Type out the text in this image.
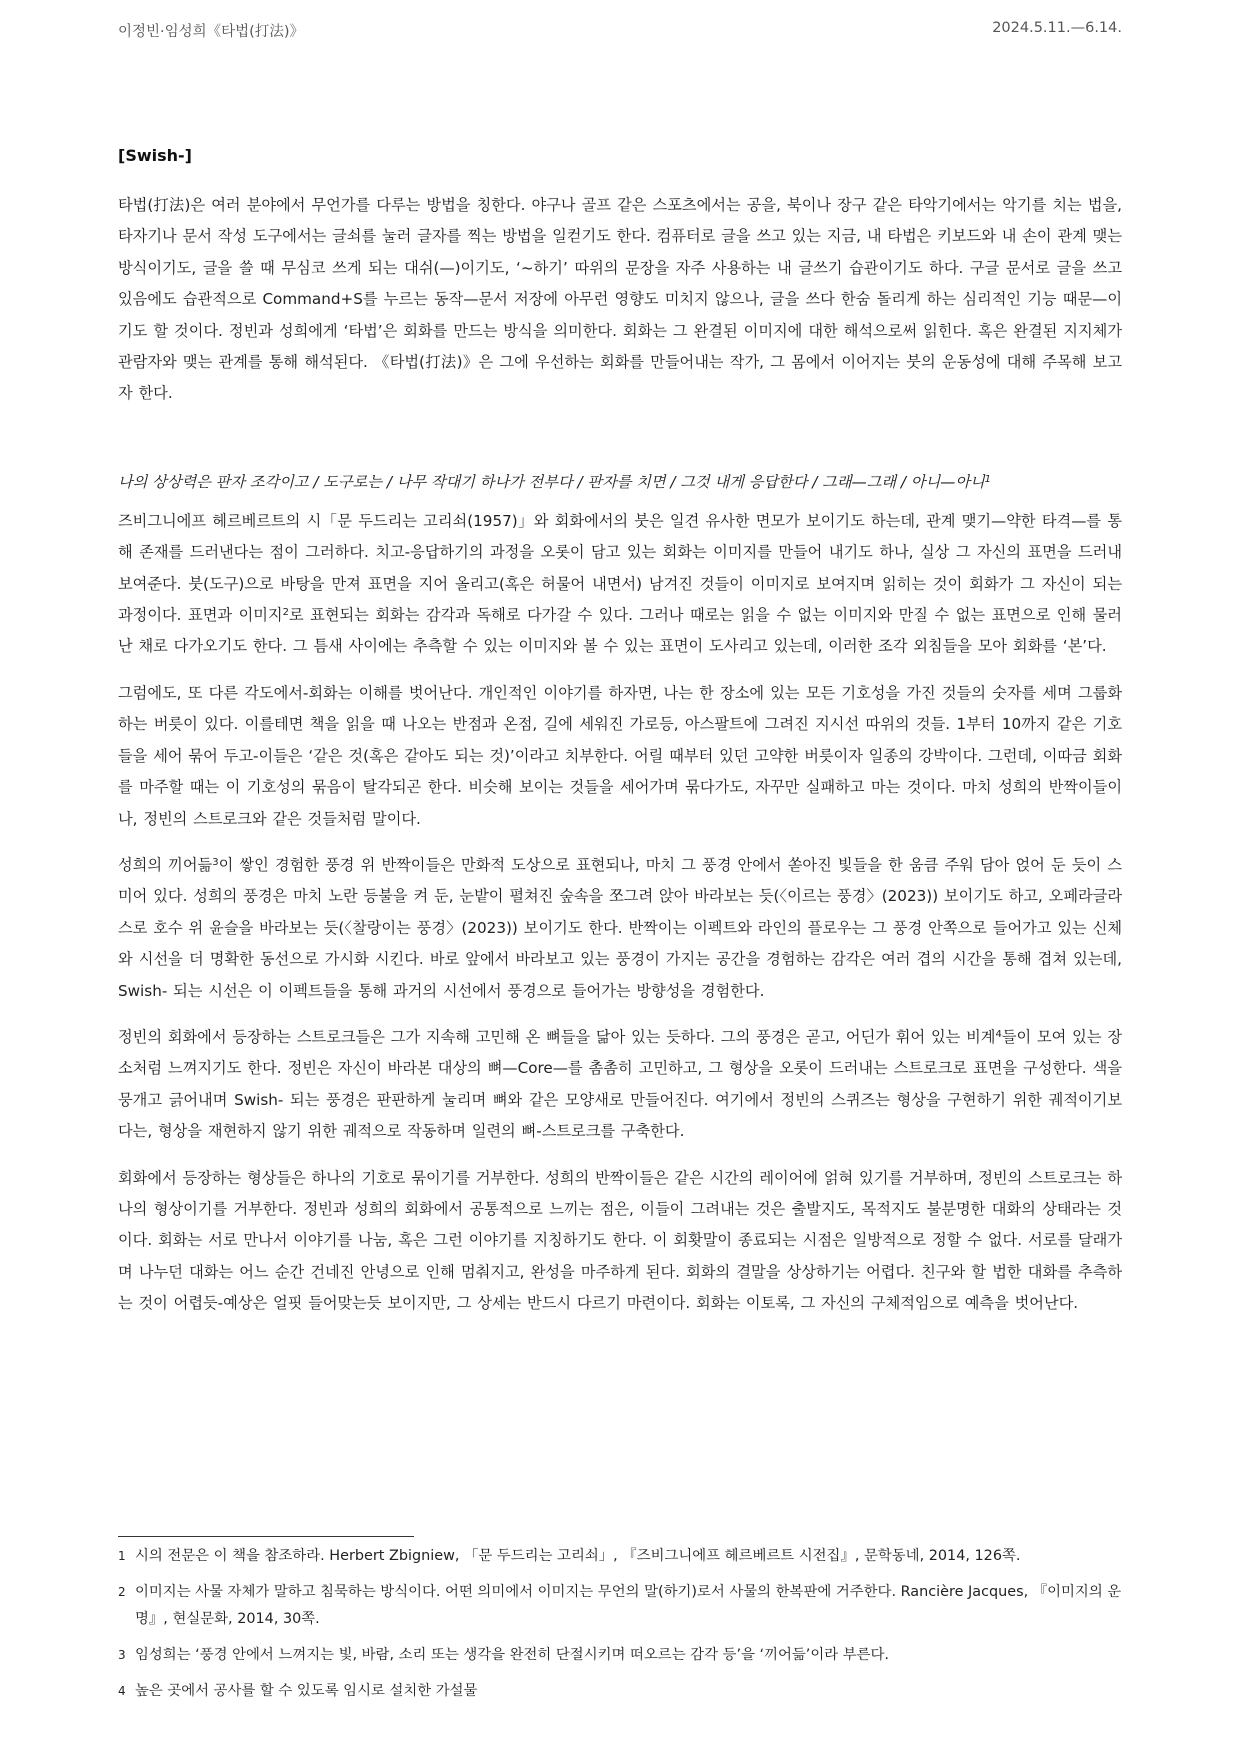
이정빈·임성희《타법(打法)》	2024.5.11.—6.14.
[Swish-]

타법(打法)은 여러 분야에서 무언가를 다루는 방법을 칭한다. 야구나 골프 같은 스포츠에서는 공을, 북이나 장구 같은 타악기에서는 악기를 치는 법을, 타자기나 문서 작성 도구에서는 글쇠를 눌러 글자를 찍는 방법을 일컫기도 한다. 컴퓨터로 글을 쓰고 있는 지금, 내 타법은 키보드와 내 손이 관계 맺는 방식이기도, 글을 쓸 때 무심코 쓰게 되는 대쉬(—)이기도, ‘~하기’ 따위의 문장을 자주 사용하는 내 글쓰기 습관이기도 하다. 구글 문서로 글을 쓰고 있음에도 습관적으로 Command+S를 누르는 동작—문서 저장에 아무런 영향도 미치지 않으나, 글을 쓰다 한숨 돌리게 하는 심리적인 기능 때문—이기도 할 것이다. 정빈과 성희에게 ‘타법’은 회화를 만드는 방식을 의미한다. 회화는 그 완결된 이미지에 대한 해석으로써 읽힌다. 혹은 완결된 지지체가 관람자와 맺는 관계를 통해 해석된다. 《타법(打法)》은 그에 우선하는 회화를 만들어내는 작가, 그 몸에서 이어지는 붓의 운동성에 대해 주목해 보고자 한다.

나의 상상력은 판자 조각이고 / 도구로는 / 나무 작대기 하나가 전부다 / 판자를 치면 / 그것 내게 응답한다 / 그래—그래 / 아니—아니$^1$

즈비그니에프 헤르베르트의 시「문 두드리는 고리쇠(1957)」와 회화에서의 붓은 일견 유사한 면모가 보이기도 하는데, 관계 맺기—약한 타격—를 통해 존재를 드러낸다는 점이 그러하다. 치고-응답하기의 과정을 오롯이 담고 있는 회화는 이미지를 만들어 내기도 하나, 실상 그 자신의 표면을 드러내 보여준다. 붓(도구)으로 바탕을 만져 표면을 지어 올리고(혹은 허물어 내면서) 남겨진 것들이 이미지로 보여지며 읽히는 것이 회화가 그 자신이 되는 과정이다. 표면과 이미지$^2$로 표현되는 회화는 감각과 독해로 다가갈 수 있다. 그러나 때로는 읽을 수 없는 이미지와 만질 수 없는 표면으로 인해 물러난 채로 다가오기도 한다. 그 틈새 사이에는 추측할 수 있는 이미지와 볼 수 있는 표면이 도사리고 있는데, 이러한 조각 외침들을 모아 회화를 ‘본’다.

그럼에도, 또 다른 각도에서-회화는 이해를 벗어난다. 개인적인 이야기를 하자면, 나는 한 장소에 있는 모든 기호성을 가진 것들의 숫자를 세며 그룹화하는 버릇이 있다. 이를테면 책을 읽을 때 나오는 반점과 온점, 길에 세워진 가로등, 아스팔트에 그려진 지시선 따위의 것들. 1부터 10까지 같은 기호들을 세어 묶어 두고-이들은 ‘같은 것(혹은 같아도 되는 것)’이라고 치부한다. 어릴 때부터 있던 고약한 버릇이자 일종의 강박이다. 그런데, 이따금 회화를 마주할 때는 이 기호성의 묶음이 탈각되곤 한다. 비슷해 보이는 것들을 세어가며 묶다가도, 자꾸만 실패하고 마는 것이다. 마치 성희의 반짝이들이나, 정빈의 스트로크와 같은 것들처럼 말이다.

성희의 끼어듦$^3$이 쌓인 경험한 풍경 위 반짝이들은 만화적 도상으로 표현되나, 마치 그 풍경 안에서 쏟아진 빛들을 한 움큼 주워 담아 얹어 둔 듯이 스미어 있다. 성희의 풍경은 마치 노란 등불을 켜 둔, 눈밭이 펼쳐진 숲속을 쪼그려 앉아 바라보는 듯(〈이르는 풍경〉(2023)) 보이기도 하고, 오페라글라스로 호수 위 윤슬을 바라보는 듯(〈찰랑이는 풍경〉(2023)) 보이기도 한다. 반짝이는 이펙트와 라인의 플로우는 그 풍경 안쪽으로 들어가고 있는 신체와 시선을 더 명확한 동선으로 가시화 시킨다. 바로 앞에서 바라보고 있는 풍경이 가지는 공간을 경험하는 감각은 여러 겹의 시간을 통해 겹쳐 있는데, Swish- 되는 시선은 이 이펙트들을 통해 과거의 시선에서 풍경으로 들어가는 방향성을 경험한다.

정빈의 회화에서 등장하는 스트로크들은 그가 지속해 고민해 온 뼈들을 닮아 있는 듯하다. 그의 풍경은 곧고, 어딘가 휘어 있는 비계$^4$들이 모여 있는 장소처럼 느껴지기도 한다. 정빈은 자신이 바라본 대상의 뼈—Core—를 촘촘히 고민하고, 그 형상을 오롯이 드러내는 스트로크로 표면을 구성한다. 색을 뭉개고 긁어내며 Swish- 되는 풍경은 판판하게 눌리며 뼈와 같은 모양새로 만들어진다. 여기에서 정빈의 스퀴즈는 형상을 구현하기 위한 궤적이기보다는, 형상을 재현하지 않기 위한 궤적으로 작동하며 일련의 뼈-스트로크를 구축한다.

회화에서 등장하는 형상들은 하나의 기호로 묶이기를 거부한다. 성희의 반짝이들은 같은 시간의 레이어에 얽혀 있기를 거부하며, 정빈의 스트로크는 하나의 형상이기를 거부한다. 정빈과 성희의 회화에서 공통적으로 느끼는 점은, 이들이 그려내는 것은 출발지도, 목적지도 불분명한 대화의 상태라는 것이다. 회화는 서로 만나서 이야기를 나눔, 혹은 그런 이야기를 지칭하기도 한다. 이 회홧말이 종료되는 시점은 일방적으로 정할 수 없다. 서로를 달래가며 나누던 대화는 어느 순간 건네진 안녕으로 인해 멈춰지고, 완성을 마주하게 된다. 회화의 결말을 상상하기는 어렵다. 친구와 할 법한 대화를 추측하는 것이 어렵듯-예상은 얼핏 들어맞는듯 보이지만, 그 상세는 반드시 다르기 마련이다. 회화는 이토록, 그 자신의 구체적임으로 예측을 벗어난다.

1 시의 전문은 이 책을 참조하라. Herbert Zbigniew, 「문 두드리는 고리쇠」, 『즈비그니에프 헤르베르트 시전집』, 문학동네, 2014, 126쪽.
2 이미지는 사물 자체가 말하고 침묵하는 방식이다. 어떤 의미에서 이미지는 무언의 말(하기)로서 사물의 한복판에 거주한다. Rancière Jacques, 『이미지의 운명』, 현실문화, 2014, 30쪽.
3 임성희는 ‘풍경 안에서 느껴지는 빛, 바람, 소리 또는 생각을 완전히 단절시키며 떠오르는 감각 등’을 ‘끼어듦’이라 부른다.
4 높은 곳에서 공사를 할 수 있도록 임시로 설치한 가설물
